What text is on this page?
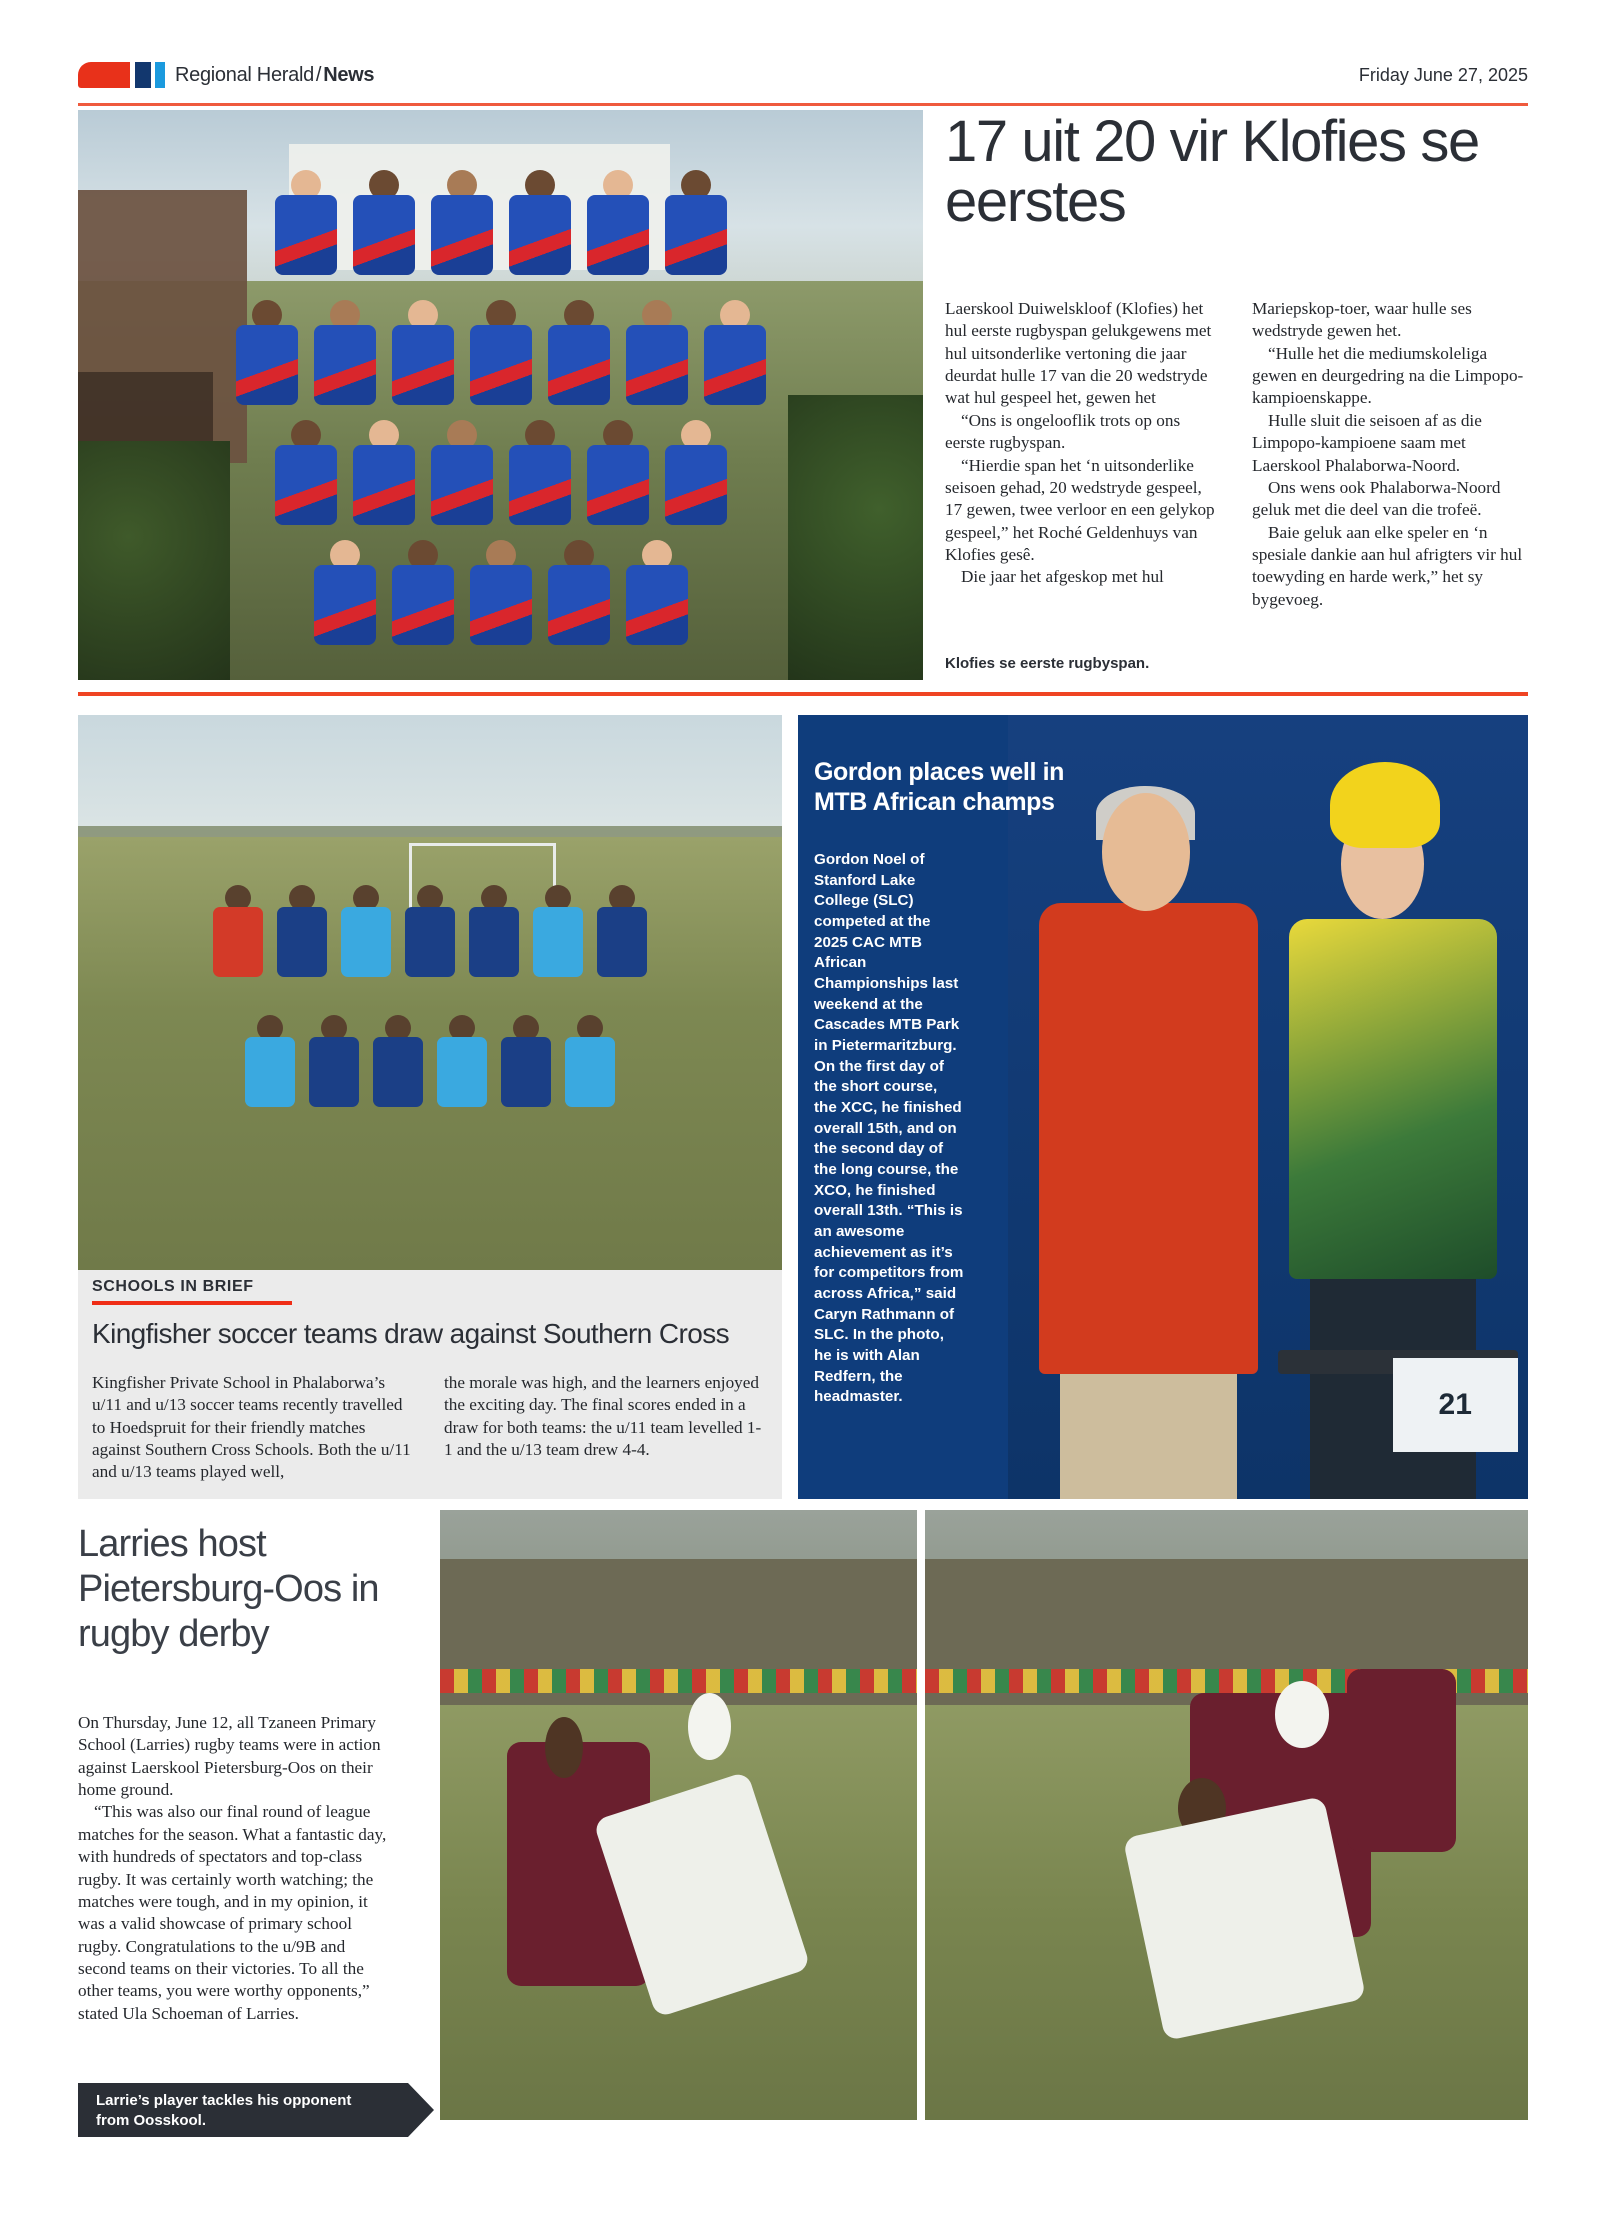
Regional Herald / News	Friday June 27, 2025
17 uit 20 vir Klofies se eerstes

Laerskool Duiwelskloof (Klofies) het hul eerste rugbyspan gelukgewens met hul uitsonderlike vertoning die jaar deurdat hulle 17 van die 20 wedstryde wat hul gespeel het, gewen het

“Ons is ongelooflik trots op ons eerste rugbyspan.

“Hierdie span het ‘n uitsonderlike seisoen gehad, 20 wedstryde gespeel, 17 gewen, twee verloor en een gelykop gespeel,” het Roché Geldenhuys van Klofies gesê.

Die jaar het afgeskop met hul

Mariepskop-toer, waar hulle ses wedstryde gewen het.

“Hulle het die mediumskoleliga gewen en deurgedring na die Limpopo-kampioenskappe.

Hulle sluit die seisoen af as die Limpopo-kampioene saam met Laerskool Phalaborwa-Noord.

Ons wens ook Phalaborwa-Noord geluk met die deel van die trofeë.

Baie geluk aan elke speler en ‘n spesiale dankie aan hul afrigters vir hul toewyding en harde werk,” het sy bygevoeg.

Klofies se eerste rugbyspan.
SCHOOLS IN BRIEF
Kingfisher soccer teams draw against Southern Cross

Kingfisher Private School in Phalaborwa’s u/11 and u/13 soccer teams recently travelled to Hoedspruit for their friendly matches against Southern Cross Schools. Both the u/11 and u/13 teams played well,

the morale was high, and the learners enjoyed the exciting day. The final scores ended in a draw for both teams: the u/11 team levelled 1-1 and the u/13 team drew 4-4.

21
Gordon places well in MTB African champs
Gordon Noel of Stanford Lake College (SLC) competed at the 2025 CAC MTB African Championships last weekend at the Cascades MTB Park in Pietermaritzburg. On the first day of the short course, the XCC, he finished overall 15th, and on the second day of the long course, the XCO, he finished overall 13th. “This is an awesome achievement as it’s for competitors from across Africa,” said Caryn Rathmann of SLC. In the photo, he is with Alan Redfern, the headmaster.
Larries host Pietersburg-Oos in rugby derby

On Thursday, June 12, all Tzaneen Primary School (Larries) rugby teams were in action against Laerskool Pietersburg-Oos on their home ground.

“This was also our final round of league matches for the season. What a fantastic day, with hundreds of spectators and top-class rugby. It was certainly worth watching; the matches were tough, and in my opinion, it was a valid showcase of primary school rugby. Congratulations to the u/9B and second teams on their victories. To all the other teams, you were worthy opponents,” stated Ula Schoeman of Larries.

Larrie’s player tackles his opponent from Oosskool.
